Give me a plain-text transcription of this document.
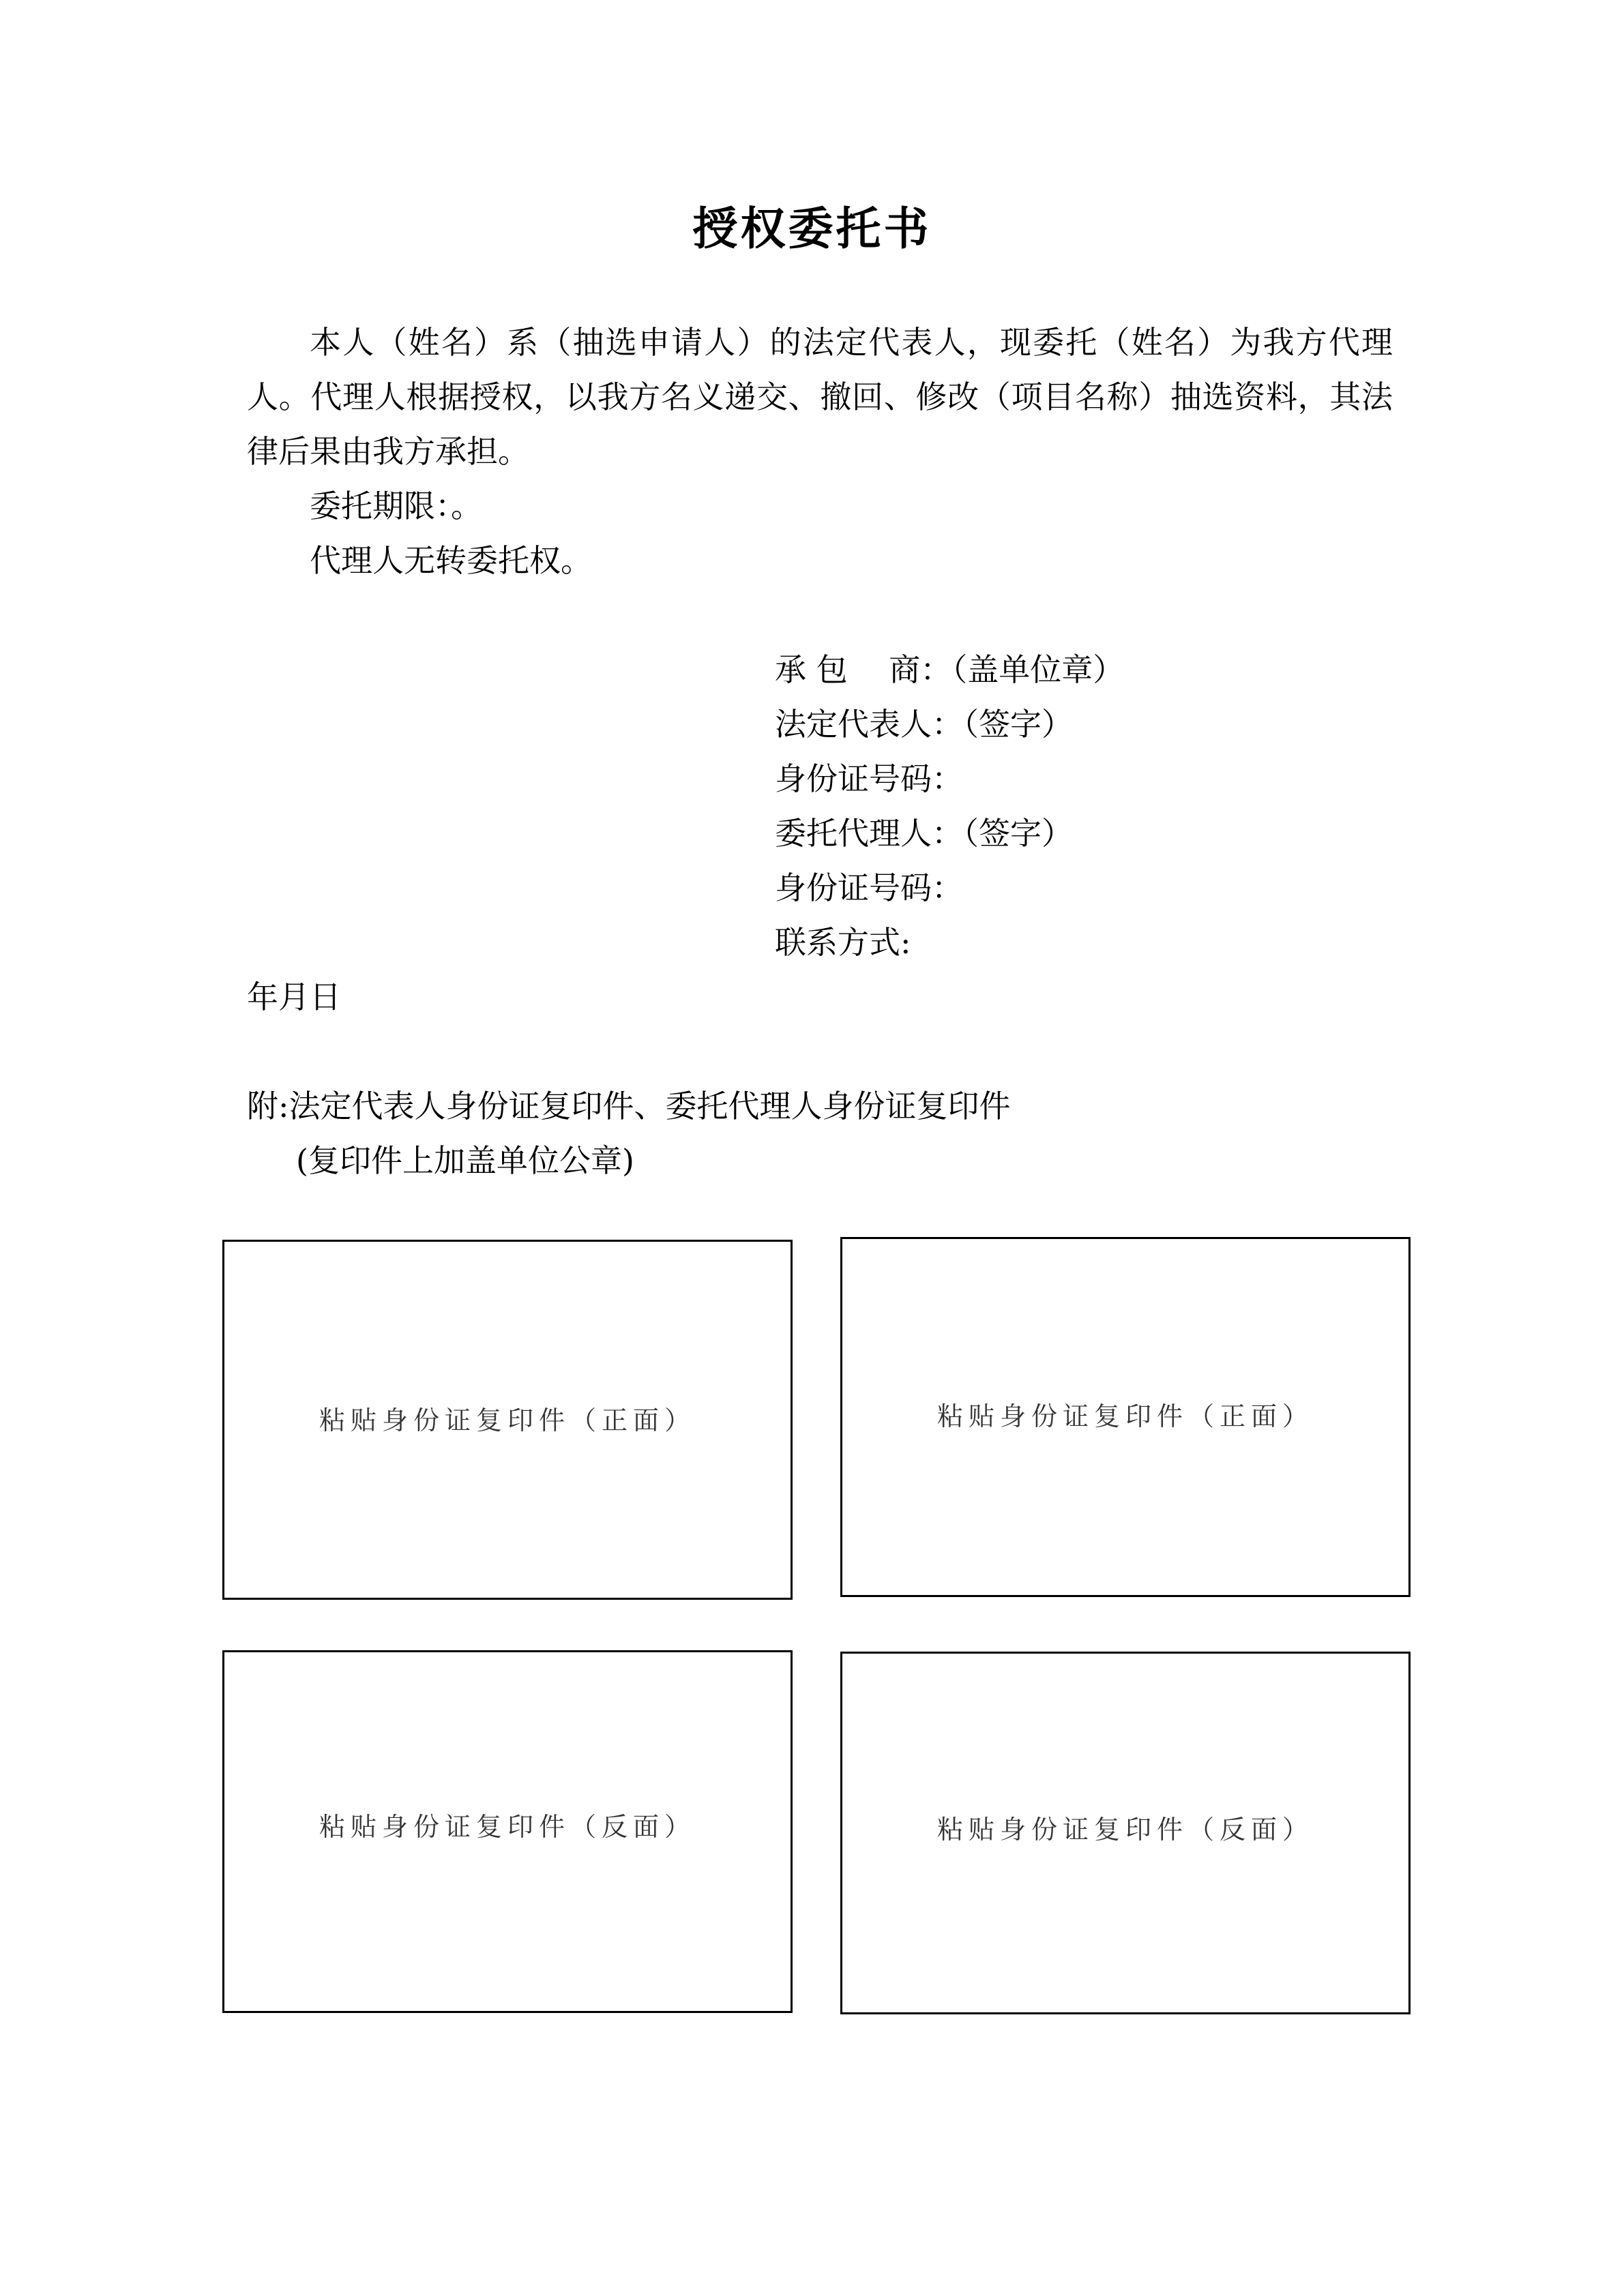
授权委托书
本人（姓名）系（抽选申请人）的法定代表人，现委托（姓名）为我方代理人。代理人根据授权，以我方名义递交、撤回、修改（项目名称）抽选资料，其法律后果由我方承担。
委托期限：。
代理人无转委托权。
承 包　 商：（盖单位章）
法定代表人：（签字）
身份证号码：
委托代理人：（签字）
身份证号码：
联系方式:
年月日
附:法定代表人身份证复印件、委托代理人身份证复印件
(复印件上加盖单位公章)
粘贴身份证复印件（正面）	粘贴身份证复印件（正面）
粘贴身份证复印件（反面）	粘贴身份证复印件（反面）
